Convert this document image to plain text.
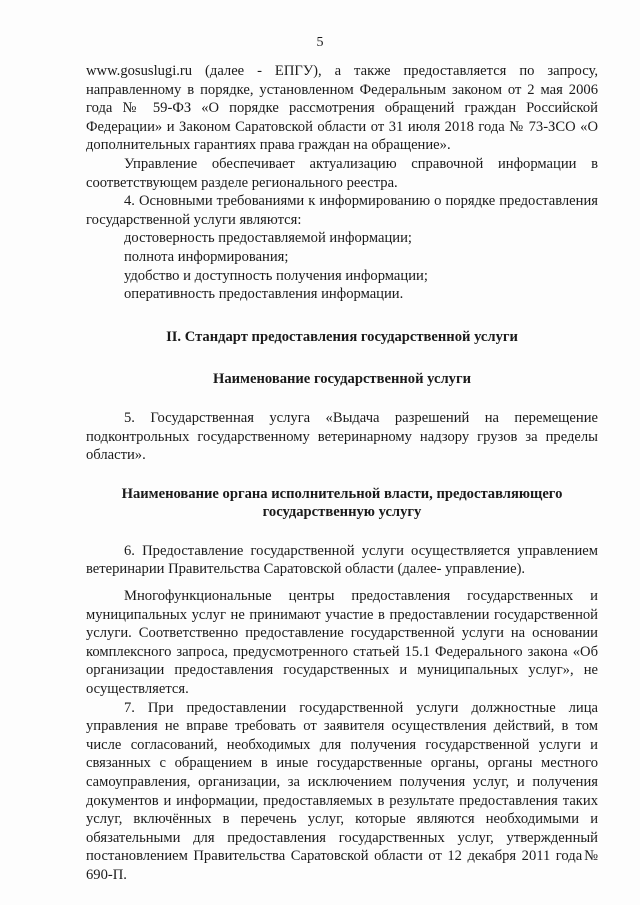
5

www.gosuslugi.ru (далее - ЕПГУ), а также предоставляется по запросу, направленному в порядке, установленном Федеральным законом от 2 мая 2006 года № 59-ФЗ «О порядке рассмотрения обращений граждан Российской Федерации» и Законом Саратовской области от 31 июля 2018 года № 73-ЗСО «О дополнительных гарантиях права граждан на обращение».

Управление обеспечивает актуализацию справочной информации в соответствующем разделе регионального реестра.

4. Основными требованиями к информированию о порядке предоставления государственной услуги являются:

достоверность предоставляемой информации;

полнота информирования;

удобство и доступность получения информации;

оперативность предоставления информации.

II. Стандарт предоставления государственной услуги

Наименование государственной услуги

5. Государственная услуга «Выдача разрешений на перемещение подконтрольных государственному ветеринарному надзору грузов за пределы области».

Наименование органа исполнительной власти, предоставляющего государственную услугу

6. Предоставление государственной услуги осуществляется управлением ветеринарии Правительства Саратовской области (далее- управление).

Многофункциональные центры предоставления государственных и муниципальных услуг не принимают участие в предоставлении государственной услуги. Соответственно предоставление государственной услуги на основании комплексного запроса, предусмотренного статьей 15.1 Федерального закона «Об организации предоставления государственных и муниципальных услуг», не осуществляется.

7. При предоставлении государственной услуги должностные лица управления не вправе требовать от заявителя осуществления действий, в том числе согласований, необходимых для получения государственной услуги и связанных с обращением в иные государственные органы, органы местного самоуправления, организации, за исключением получения услуг, и получения документов и информации, предоставляемых в результате предоставления таких услуг, включённых в перечень услуг, которые являются необходимыми и обязательными для предоставления государственных услуг, утвержденный постановлением Правительства Саратовской области от 12 декабря 2011 года№ 690-П.
